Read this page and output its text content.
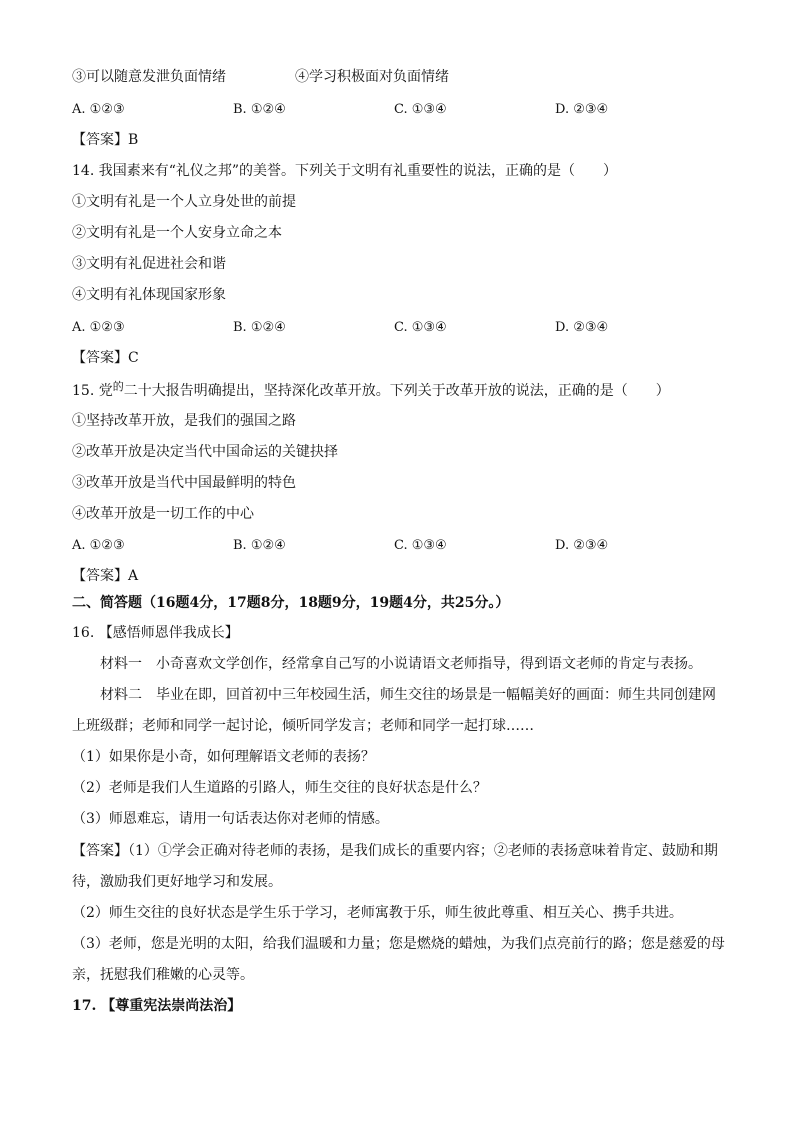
③可以随意发泄负面情绪	④学习积极面对负面情绪
A. ①②③	B. ①②④	C. ①③④	D. ②③④
【答案】B
14. 我国素来有“礼仪之邦”的美誉。下列关于文明有礼重要性的说法，正确的是（　　）
①文明有礼是一个人立身处世的前提
②文明有礼是一个人安身立命之本
③文明有礼促进社会和谐
④文明有礼体现国家形象
A. ①②③	B. ①②④	C. ①③④	D. ②③④
【答案】C
15. 党$^的$二十大报告明确提出，坚持深化改革开放。下列关于改革开放的说法，正确的是（　　）
①坚持改革开放，是我们的强国之路
②改革开放是决定当代中国命运的关键抉择
③改革开放是当代中国最鲜明的特色
④改革开放是一切工作的中心
A. ①②③	B. ①②④	C. ①③④	D. ②③④
【答案】A
二、简答题（16题4分，17题8分，18题9分，19题4分，共25分。）
16. 【感悟师恩伴我成长】
材料一　小奇喜欢文学创作，经常拿自己写的小说请语文老师指导，得到语文老师的肯定与表扬。
材料二　毕业在即，回首初中三年校园生活，师生交往的场景是一幅幅美好的画面：师生共同创建网
上班级群；老师和同学一起讨论，倾听同学发言；老师和同学一起打球……
（1）如果你是小奇，如何理解语文老师的表扬？
（2）老师是我们人生道路的引路人，师生交往的良好状态是什么？
（3）师恩难忘，请用一句话表达你对老师的情感。
【答案】（1）①学会正确对待老师的表扬，是我们成长的重要内容；②老师的表扬意味着肯定、鼓励和期
待，激励我们更好地学习和发展。
（2）师生交往的良好状态是学生乐于学习，老师寓教于乐，师生彼此尊重、相互关心、携手共进。
（3）老师，您是光明的太阳，给我们温暖和力量；您是燃烧的蜡烛，为我们点亮前行的路；您是慈爱的母
亲，抚慰我们稚嫩的心灵等。
17. 【尊重宪法崇尚法治】
